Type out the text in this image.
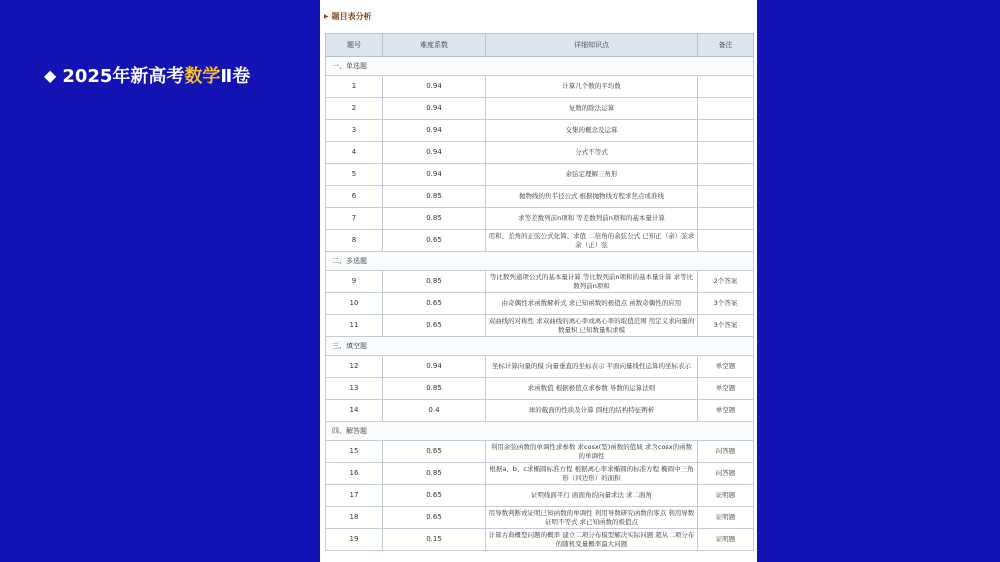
◆ 2025年新高考 数学 Ⅱ卷
▶ 题目表分析
题号	难度系数	详细知识点	备注
一、单选题			
1	0.94	计算几个数的平均数	
2	0.94	复数的除法运算	
3	0.94	交集的概念及运算	
4	0.94	分式不等式	
5	0.94	余弦定理解三角形	
6	0.85	抛物线的焦半径公式 根据抛物线方程求焦点或准线	
7	0.85	求等差数列前n项和 等差数列前n项和的基本量计算	
8	0.65	用和、差角的正弦公式化简、求值 二倍角的余弦公式 已知正（余）弦求余（正）弦	
二、多选题			
9	0.85	等比数列通项公式的基本量计算 等比数列前n项和的基本量计算 求等比数列前n项和	2个答案
10	0.65	由奇偶性求函数解析式 求已知函数的极值点 函数奇偶性的应用	3个答案
11	0.65	双曲线的对称性 求双曲线的离心率或离心率的取值范围 用定义求向量的数量积 已知数量积求模	3个答案
三、填空题			
12	0.94	坐标计算向量的模 向量垂直的坐标表示 平面向量线性运算的坐标表示	单空题
13	0.85	求函数值 根据极值点求参数 导数的运算法则	单空题
14	0.4	球的截面的性质及计算 圆柱的结构特征辨析	单空题
四、解答题			
15	0.65	利用余弦函数的单调性求参数 求cosx(型)函数的值域 求含cosx的函数的单调性	问答题
16	0.85	根据a、b、c求椭圆标准方程 根据离心率求椭圆的标准方程 椭圆中三角形（四边形）的面积	问答题
17	0.65	证明线面平行 面面角的向量求法 求二面角	证明题
18	0.65	用导数判断或证明已知函数的单调性 利用导数研究函数的零点 利用导数证明不等式 求已知函数的极值点	证明题
19	0.15	计算古典概型问题的概率 建立二项分布模型解决实际问题 超从二项分布的随机变量概率最大问题	证明题
